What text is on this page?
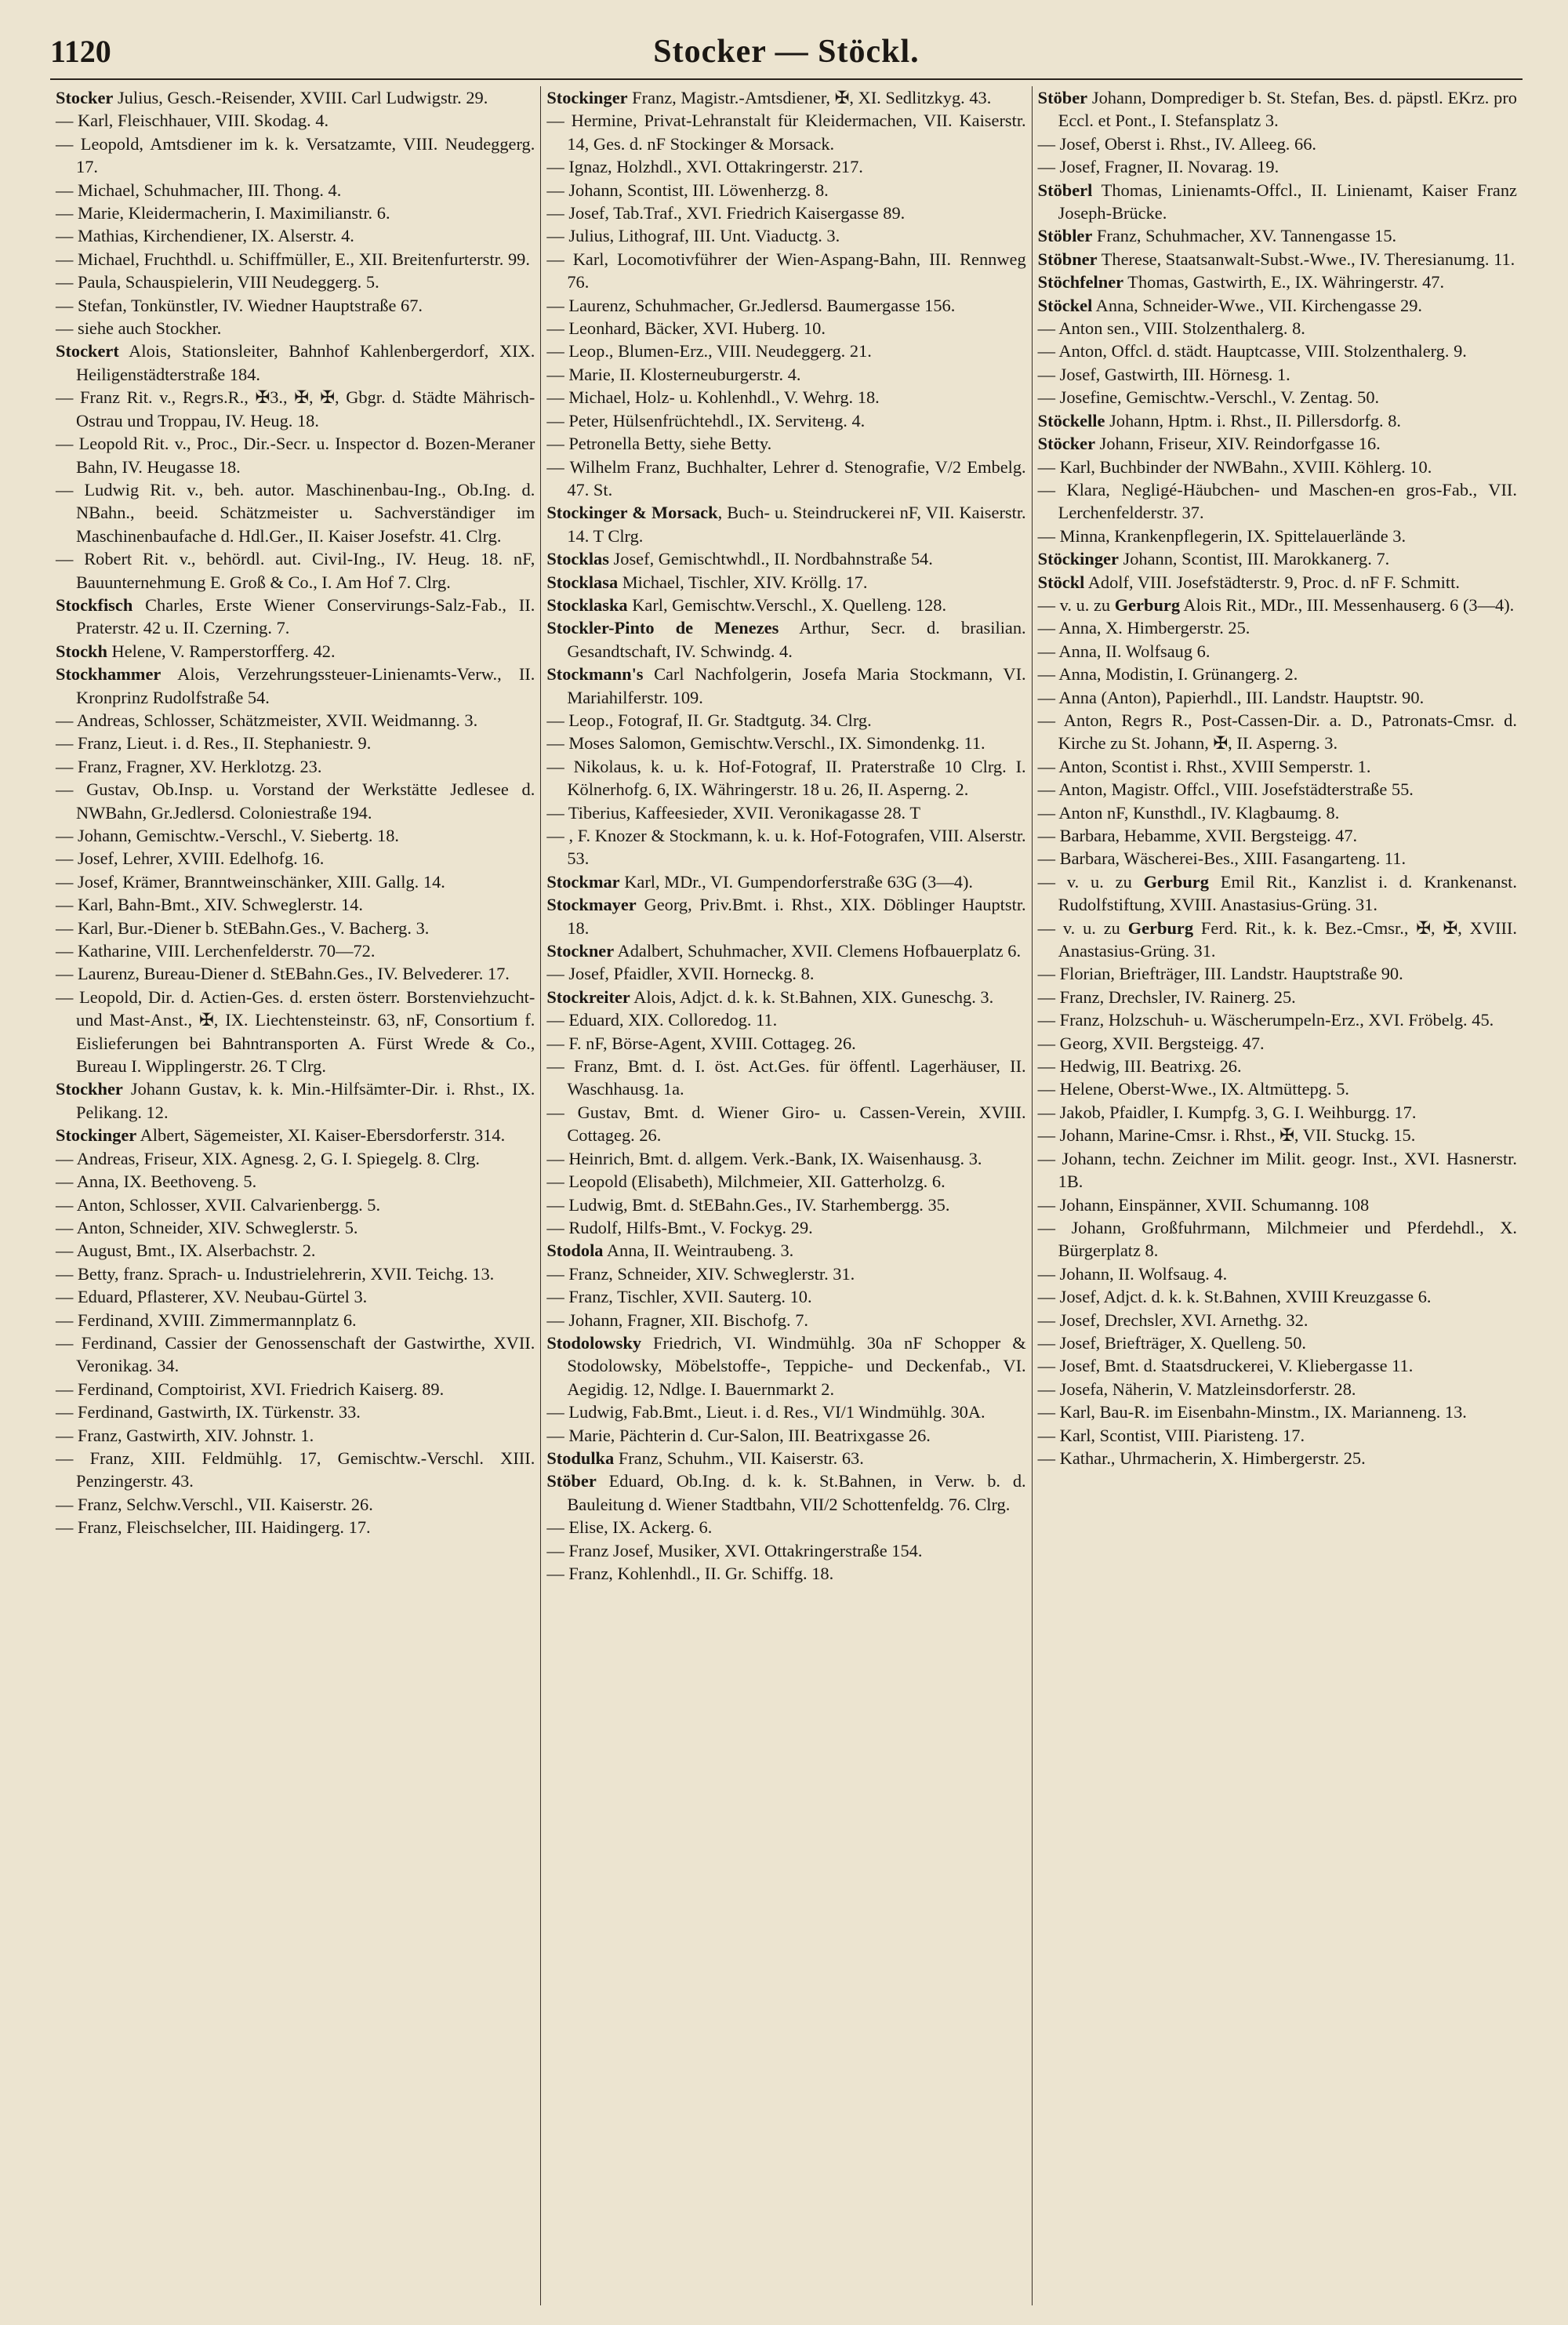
1120	Stocker — Stöckl.
Stocker Julius, Gesch.-Reisender, XVIII. Carl Ludwigstr. 29.
— Karl, Fleischhauer, VIII. Skodag. 4.
— Leopold, Amtsdiener im k. k. Versatzamte, VIII. Neudeggerg. 17.
— Michael, Schuhmacher, III. Thong. 4.
— Marie, Kleidermacherin, I. Maximilianstr. 6.
— Mathias, Kirchendiener, IX. Alserstr. 4.
— Michael, Fruchthdl. u. Schiffmüller, E., XII. Breitenfurterstr. 99.
— Paula, Schauspielerin, VIII Neudeggerg. 5.
— Stefan, Tonkünstler, IV. Wiedner Hauptstraße 67.
— siehe auch Stockher.
Stockert Alois, Stationsleiter, Bahnhof Kahlenbergerdorf, XIX. Heiligenstädterstraße 184.
— Franz Rit. v., Regrs.R., ✠3., ✠, ✠, Gbgr. d. Städte Mährisch-Ostrau und Troppau, IV. Heug. 18.
— Leopold Rit. v., Proc., Dir.-Secr. u. Inspector d. Bozen-Meraner Bahn, IV. Heugasse 18.
— Ludwig Rit. v., beh. autor. Maschinenbau-Ing., Ob.Ing. d. NBahn., beeid. Schätzmeister u. Sachverständiger im Maschinenbaufache d. Hdl.Ger., II. Kaiser Josefstr. 41. Clrg.
— Robert Rit. v., behördl. aut. Civil-Ing., IV. Heug. 18. nF, Bauunternehmung E. Groß & Co., I. Am Hof 7. Clrg.
Stockfisch Charles, Erste Wiener Conservirungs-Salz-Fab., II. Praterstr. 42 u. II. Czerning. 7.
Stockh Helene, V. Ramperstorfferg. 42.
Stockhammer Alois, Verzehrungssteuer-Linienamts-Verw., II. Kronprinz Rudolfstraße 54.
— Andreas, Schlosser, Schätzmeister, XVII. Weidmanng. 3.
— Franz, Lieut. i. d. Res., II. Stephaniestr. 9.
— Franz, Fragner, XV. Herklotzg. 23.
— Gustav, Ob.Insp. u. Vorstand der Werkstätte Jedlesee d. NWBahn, Gr.Jedlersd. Coloniestraße 194.
— Johann, Gemischtw.-Verschl., V. Siebertg. 18.
— Josef, Lehrer, XVIII. Edelhofg. 16.
— Josef, Krämer, Branntweinschänker, XIII. Gallg. 14.
— Karl, Bahn-Bmt., XIV. Schweglerstr. 14.
— Karl, Bur.-Diener b. StEBahn.Ges., V. Bacherg. 3.
— Katharine, VIII. Lerchenfelderstr. 70—72.
— Laurenz, Bureau-Diener d. StEBahn.Ges., IV. Belvederег. 17.
— Leopold, Dir. d. Actien-Ges. d. ersten österr. Borstenviehzucht- und Mast-Anst., ✠, IX. Liechtensteinstr. 63, nF, Consortium f. Eislieferungen bei Bahntransporten A. Fürst Wrede & Co., Bureau I. Wipplingerstr. 26. T Clrg.
Stockher Johann Gustav, k. k. Min.-Hilfsämter-Dir. i. Rhst., IX. Pelikang. 12.
Stockinger Albert, Sägemeister, XI. Kaiser-Ebersdorferstr. 314.
— Andreas, Friseur, XIX. Agnesg. 2, G. I. Spiegelg. 8. Clrg.
— Anna, IX. Beethoveng. 5.
— Anton, Schlosser, XVII. Calvarienbergg. 5.
— Anton, Schneider, XIV. Schweglerstr. 5.
— August, Bmt., IX. Alserbachstr. 2.
— Betty, franz. Sprach- u. Industrielehrerin, XVII. Teichg. 13.
— Eduard, Pflasterer, XV. Neubau-Gürtel 3.
— Ferdinand, XVIII. Zimmermannplatz 6.
— Ferdinand, Cassier der Genossenschaft der Gastwirthe, XVII. Veronikag. 34.
— Ferdinand, Comptoirist, XVI. Friedrich Kaiserg. 89.
— Ferdinand, Gastwirth, IX. Türkenstr. 33.
— Franz, Gastwirth, XIV. Johnstr. 1.
— Franz, XIII. Feldmühlg. 17, Gemischtw.-Verschl. XIII. Penzingerstr. 43.
— Franz, Selchw.Verschl., VII. Kaiserstr. 26.
— Franz, Fleischselcher, III. Haidingerg. 17.
Stockinger Franz, Magistr.-Amtsdiener, ✠, XI. Sedlitzkyg. 43.
— Hermine, Privat-Lehranstalt für Kleidermachen, VII. Kaiserstr. 14, Ges. d. nF Stockinger & Morsack.
— Ignaz, Holzhdl., XVI. Ottakringerstr. 217.
— Johann, Scontist, III. Löwenherzg. 8.
— Josef, Tab.Traf., XVI. Friedrich Kaisergasse 89.
— Julius, Lithograf, III. Unt. Viaductg. 3.
— Karl, Locomotivführer der Wien-Aspang-Bahn, III. Rennweg 76.
— Laurenz, Schuhmacher, Gr.Jedlersd. Baumergasse 156.
— Leonhard, Bäcker, XVI. Huberg. 10.
— Leop., Blumen-Erz., VIII. Neudeggerg. 21.
— Marie, II. Klosterneuburgerstr. 4.
— Michael, Holz- u. Kohlenhdl., V. Wehrg. 18.
— Peter, Hülsenfrüchtehdl., IX. Servitенg. 4.
— Petronella Betty, siehe Betty.
— Wilhelm Franz, Buchhalter, Lehrer d. Stenografie, V/2 Embelg. 47. St.
Stockinger & Morsack, Buch- u. Steindruckerei nF, VII. Kaiserstr. 14. T Clrg.
Stocklas Josef, Gemischtwhdl., II. Nordbahnstraße 54.
Stocklasa Michael, Tischler, XIV. Kröllg. 17.
Stocklaska Karl, Gemischtw.Verschl., X. Quelleng. 128.
Stockler-Pinto de Menezes Arthur, Secr. d. brasilian. Gesandtschaft, IV. Schwindg. 4.
Stockmann's Carl Nachfolgerin, Josefa Maria Stockmann, VI. Mariahilferstr. 109.
— Leop., Fotograf, II. Gr. Stadtgutg. 34. Clrg.
— Moses Salomon, Gemischtw.Verschl., IX. Simondenkg. 11.
— Nikolaus, k. u. k. Hof-Fotograf, II. Praterstraße 10 Clrg. I. Kölnerhofg. 6, IX. Währingerstr. 18 u. 26, II. Asperng. 2.
— Tiberius, Kaffeesieder, XVII. Veronikagasse 28. T
— , F. Knozer & Stockmann, k. u. k. Hof-Fotografen, VIII. Alserstr. 53.
Stockmar Karl, MDr., VI. Gumpendorferstraße 63G (3—4).
Stockmayer Georg, Priv.Bmt. i. Rhst., XIX. Döblinger Hauptstr. 18.
Stockner Adalbert, Schuhmacher, XVII. Clemens Hofbauerplatz 6.
— Josef, Pfaidler, XVII. Hornеckg. 8.
Stockreiter Alois, Adjct. d. k. k. St.Bahnen, XIX. Guneschg. 3.
— Eduard, XIX. Colloredog. 11.
— F. nF, Börse-Agent, XVIII. Cottageg. 26.
— Franz, Bmt. d. I. öst. Act.Ges. für öffentl. Lagerhäuser, II. Waschhausg. 1a.
— Gustav, Bmt. d. Wiener Giro- u. Cassen-Verein, XVIII. Cottageg. 26.
— Heinrich, Bmt. d. allgem. Verk.-Bank, IX. Waisenhausg. 3.
— Leopold (Elisabeth), Milchmeier, XII. Gatterholzg. 6.
— Ludwig, Bmt. d. StEBahn.Ges., IV. Starhembergg. 35.
— Rudolf, Hilfs-Bmt., V. Fockyg. 29.
Stodola Anna, II. Weintraubeng. 3.
— Franz, Schneider, XIV. Schweglerstr. 31.
— Franz, Tischler, XVII. Sauterg. 10.
— Johann, Fragner, XII. Bischofg. 7.
Stodolowsky Friedrich, VI. Windmühlg. 30a nF Schopper & Stodolowsky, Möbelstoffe-, Teppiche- und Deckenfab., VI. Aegidig. 12, Ndlge. I. Bauernmarkt 2.
— Ludwig, Fab.Bmt., Lieut. i. d. Res., VI/1 Windmühlg. 30A.
— Marie, Pächterin d. Cur-Salon, III. Beatrixgasse 26.
Stodulka Franz, Schuhm., VII. Kaiserstr. 63.
Stöber Eduard, Ob.Ing. d. k. k. St.Bahnen, in Verw. b. d. Bauleitung d. Wiener Stadtbahn, VII/2 Schottenfeldg. 76. Clrg.
— Elise, IX. Ackerg. 6.
— Franz Josef, Musiker, XVI. Ottakringerstraße 154.
— Franz, Kohlenhdl., II. Gr. Schiffg. 18.
Stöber Johann, Domprediger b. St. Stefan, Bes. d. päpstl. EKrz. pro Eccl. et Pont., I. Stefansplatz 3.
— Josef, Oberst i. Rhst., IV. Alleeg. 66.
— Josef, Fragner, II. Novarag. 19.
Stöberl Thomas, Linienamts-Offcl., II. Linienamt, Kaiser Franz Joseph-Brücke.
Stöbler Franz, Schuhmacher, XV. Tannengasse 15.
Stöbner Therese, Staatsanwalt-Subst.-Wwe., IV. Theresianumg. 11.
Stöchfelner Thomas, Gastwirth, E., IX. Währingerstr. 47.
Stöckel Anna, Schneider-Wwe., VII. Kirchengasse 29.
— Anton sen., VIII. Stolzenthalerg. 8.
— Anton, Offcl. d. städt. Hauptcasse, VIII. Stolzenthalerg. 9.
— Josef, Gastwirth, III. Hörnesg. 1.
— Josefine, Gemischtw.-Verschl., V. Zentag. 50.
Stöckelle Johann, Hptm. i. Rhst., II. Pillersdorfg. 8.
Stöcker Johann, Friseur, XIV. Reindorfgasse 16.
— Karl, Buchbinder der NWBahn., XVIII. Köhlerg. 10.
— Klara, Negligé-Häubchen- und Maschen-en gros-Fab., VII. Lerchenfelderstr. 37.
— Minna, Krankenpflegerin, IX. Spittelauerlände 3.
Stöckinger Johann, Scontist, III. Marokkanerg. 7.
Stöckl Adolf, VIII. Josefstädterstr. 9, Proc. d. nF F. Schmitt.
— v. u. zu Gerburg Alois Rit., MDr., III. Messenhauserg. 6 (3—4).
— Anna, X. Himbergerstr. 25.
— Anna, II. Wolfsaug 6.
— Anna, Modistin, I. Grünangerg. 2.
— Anna (Anton), Papierhdl., III. Landstr. Hauptstr. 90.
— Anton, Regrs R., Post-Cassen-Dir. a. D., Patronats-Cmsr. d. Kirche zu St. Johann, ✠, II. Asperng. 3.
— Anton, Scontist i. Rhst., XVIII Semperstr. 1.
— Anton, Magistr. Offcl., VIII. Josefstädterstraße 55.
— Anton nF, Kunsthdl., IV. Klagbaumg. 8.
— Barbara, Hebamme, XVII. Bergsteigg. 47.
— Barbara, Wäscherei-Bes., XIII. Fasangarteng. 11.
— v. u. zu Gerburg Emil Rit., Kanzlist i. d. Krankenanst. Rudolfstiftung, XVIII. Anastasius-Grüng. 31.
— v. u. zu Gerburg Ferd. Rit., k. k. Bez.-Cmsr., ✠, ✠, XVIII. Anastasius-Grüng. 31.
— Florian, Briefträger, III. Landstr. Hauptstraße 90.
— Franz, Drechsler, IV. Rainerg. 25.
— Franz, Holzschuh- u. Wäscherumpeln-Erz., XVI. Fröbelg. 45.
— Georg, XVII. Bergsteigg. 47.
— Hedwig, III. Beatrixg. 26.
— Helene, Oberst-Wwe., IX. Altmüttерg. 5.
— Jakob, Pfaidler, I. Kumpfg. 3, G. I. Weihburgg. 17.
— Johann, Marine-Cmsr. i. Rhst., ✠, VII. Stuckg. 15.
— Johann, techn. Zeichner im Milit. geogr. Inst., XVI. Hasnerstr. 1B.
— Johann, Einspänner, XVII. Schumanng. 108
— Johann, Großfuhrmann, Milchmeier und Pferdehdl., X. Bürgerplatz 8.
— Johann, II. Wolfsaug. 4.
— Josef, Adjct. d. k. k. St.Bahnen, XVIII Kreuzgasse 6.
— Josef, Drechsler, XVI. Arnethg. 32.
— Josef, Briefträger, X. Quelleng. 50.
— Josef, Bmt. d. Staatsdruckerei, V. Kliebergasse 11.
— Josefa, Näherin, V. Matzleinsdorferstr. 28.
— Karl, Bau-R. im Eisenbahn-Minstm., IX. Marianneng. 13.
— Karl, Scontist, VIII. Piaristeng. 17.
— Kathar., Uhrmacherin, X. Himbergerstr. 25.
